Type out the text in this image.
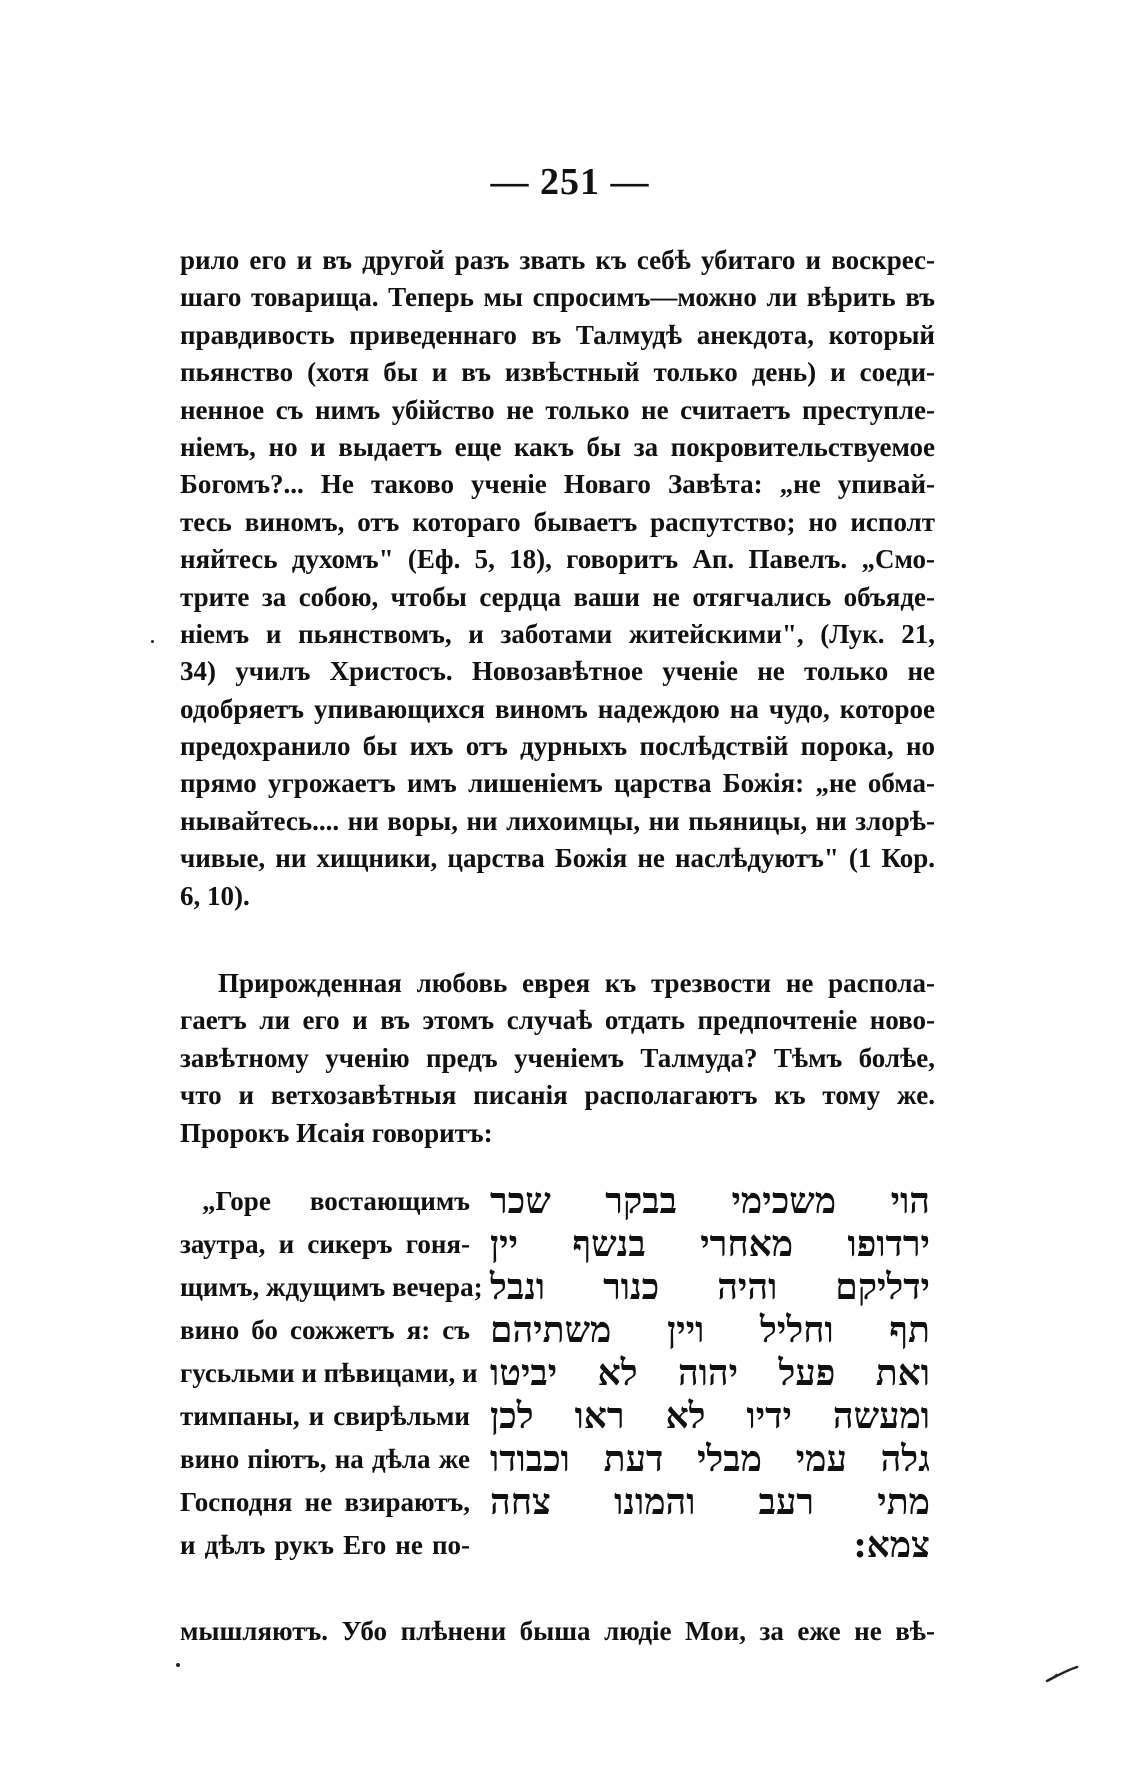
— 251 —
рило его и въ другой разъ звать къ себѣ убитаго и воскрес-
шаго товарища. Теперь мы спросимъ—можно ли вѣрить въ
правдивость приведеннаго въ Талмудѣ анекдота, который
пьянство (хотя бы и въ извѣстный только день) и соеди-
ненное съ нимъ убійство не только не считаетъ преступле-
ніемъ, но и выдаетъ еще какъ бы за покровительствуемое
Богомъ?... Не таково ученіе Новаго Завѣта: „не упивай-
тесь виномъ, отъ котораго бываетъ распутство; но исполт
няйтесь духомъ" (Еф. 5, 18), говоритъ Ап. Павелъ. „Смо-
трите за собою, чтобы сердца ваши не отягчались объяде-
ніемъ и пьянствомъ, и заботами житейскими", (Лук. 21,
34) училъ Христосъ. Новозавѣтное ученіе не только не
одобряетъ упивающихся виномъ надеждою на чудо, которое
предохранило бы ихъ отъ дурныхъ послѣдствій порока, но
прямо угрожаетъ имъ лишеніемъ царства Божія: „не обма-
нывайтесь.... ни воры, ни лихоимцы, ни пьяницы, ни злорѣ-
чивые, ни хищники, царства Божія не наслѣдуютъ" (1 Кор.
6, 10).
Прирожденная любовь еврея къ трезвости не распола-
гаетъ ли его и въ этомъ случаѣ отдать предпочтеніе ново-
завѣтному ученію предъ ученіемъ Талмуда? Тѣмъ болѣе,
что и ветхозавѣтныя писанія располагаютъ къ тому же.
Пророкъ Исаія говоритъ:
„Горе востающимъ
заутра, и сикеръ гоня-
щимъ, ждущимъ вечера;
вино бо сожжетъ я: съ
гусьльми и пѣвицами, и
тимпаны, и свирѣльми
вино піютъ, на дѣла же
Господня не взираютъ,
и дѣлъ рукъ Его не по-
הוי משכימי בבקר שכר
ירדופו מאחרי בנשף יין
ידליקם והיה כנור ונבל
תף וחליל ויין משתיהם
ואת פעל יהוה לא יביטו
ומעשה ידיו לא ראו לכן
גלה עמי מבלי דעת וכבודו
מתי רעב והמונו צחה
צמא:
мышляютъ. Убо плѣнени быша людіе Мои, за еже не вѣ-
